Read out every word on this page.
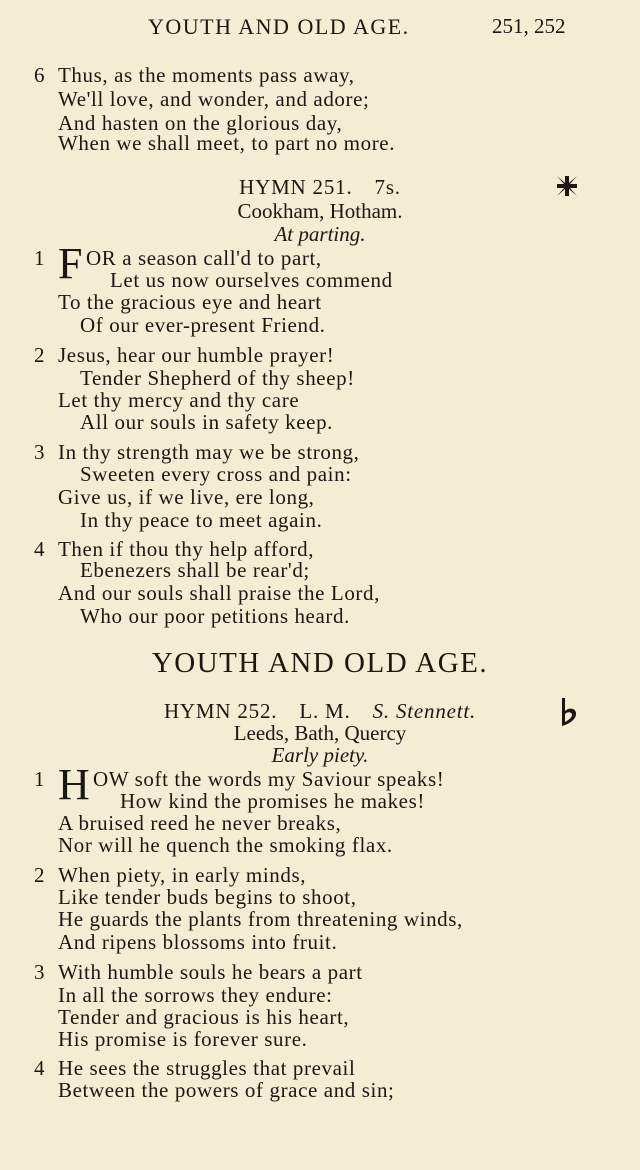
YOUTH AND OLD AGE.	251, 252
6 Thus, as the moments pass away,
We'll love, and wonder, and adore;
And hasten on the glorious day,
When we shall meet, to part no more.
HYMN 251. 7s.
Cookham, Hotham.
At parting.
1 F OR a season call'd to part,
Let us now ourselves commend
To the gracious eye and heart
Of our ever-present Friend.
2 Jesus, hear our humble prayer!
Tender Shepherd of thy sheep!
Let thy mercy and thy care
All our souls in safety keep.
3 In thy strength may we be strong,
Sweeten every cross and pain:
Give us, if we live, ere long,
In thy peace to meet again.
4 Then if thou thy help afford,
Ebenezers shall be rear'd;
And our souls shall praise the Lord,
Who our poor petitions heard.
YOUTH AND OLD AGE.
HYMN 252. L. M. S. Stennett.
Leeds, Bath, Quercy
Early piety.
1 H OW soft the words my Saviour speaks!
How kind the promises he makes!
A bruised reed he never breaks,
Nor will he quench the smoking flax.
2 When piety, in early minds,
Like tender buds begins to shoot,
He guards the plants from threatening winds,
And ripens blossoms into fruit.
3 With humble souls he bears a part
In all the sorrows they endure:
Tender and gracious is his heart,
His promise is forever sure.
4 He sees the struggles that prevail
Between the powers of grace and sin;
